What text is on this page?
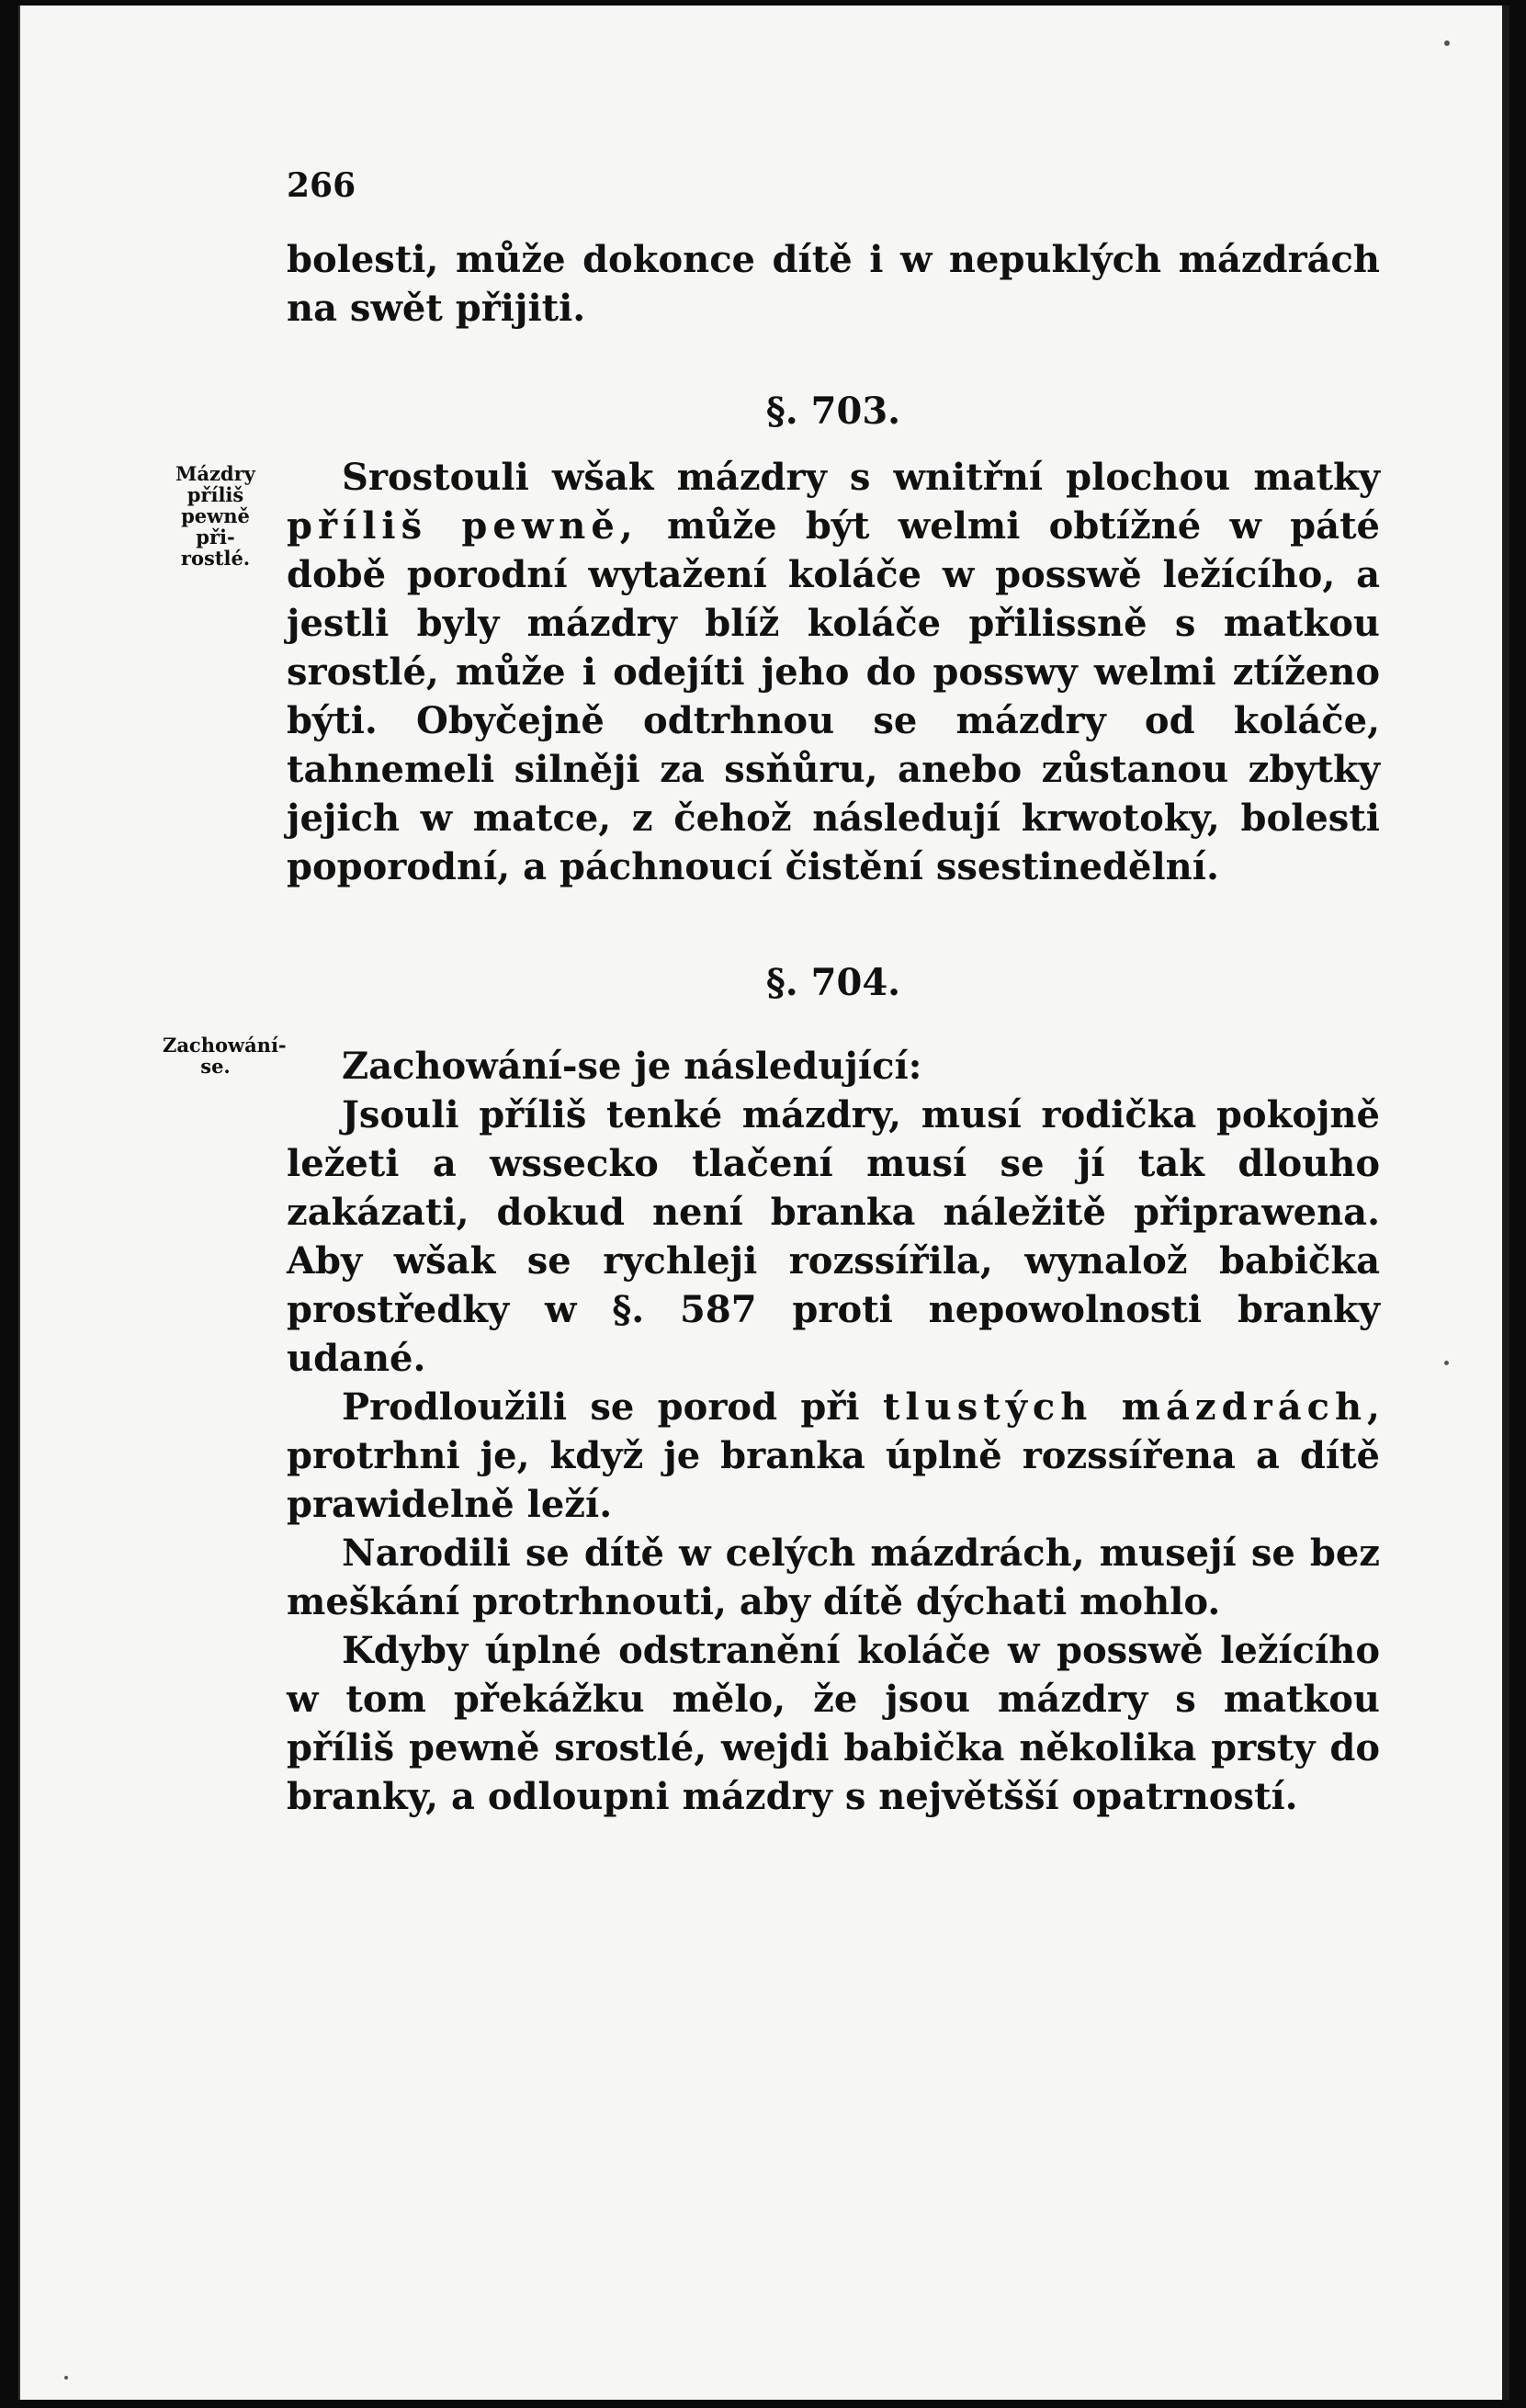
266

bolesti, může dokonce dítě i w nepuklých mázdrách na swět přijiti.

§. 703.
Mázdry příliš pewně při- rostlé.

Srostouli wšak mázdry s wnitřní plochou matky příliš pewně, může být welmi obtížné w páté době porodní wytažení koláče w posswě ležícího, a jestli byly mázdry blíž koláče přilissně s matkou srostlé, může i odejíti jeho do posswy welmi ztíženo býti. Obyčejně odtrhnou se mázdry od koláče, tahnemeli silněji za ssňůru, anebo zůstanou zbytky jejich w matce, z čehož následují krwotoky, bolesti poporodní, a páchnoucí čistění ssestinedělní.

§. 704.
Zachowání-se.	Zachowání-se je následující:

Jsouli příliš tenké mázdry, musí rodička pokojně ležeti a wssecko tlačení musí se jí tak dlouho zakázati, dokud není branka náležitě připrawena. Aby wšak se rychleji rozssířila, wynalož babička prostředky w §. 587 proti nepowolnosti branky udané.

Prodloužili se porod při tlustých mázdrách, protrhni je, když je branka úplně rozssířena a dítě prawidelně leží.

Narodili se dítě w celých mázdrách, musejí se bez meškání protrhnouti, aby dítě dýchati mohlo.

Kdyby úplné odstranění koláče w posswě ležícího w tom překážku mělo, že jsou mázdry s matkou příliš pewně srostlé, wejdi babička několika prsty do branky, a odloupni mázdry s největšší opatrností.
